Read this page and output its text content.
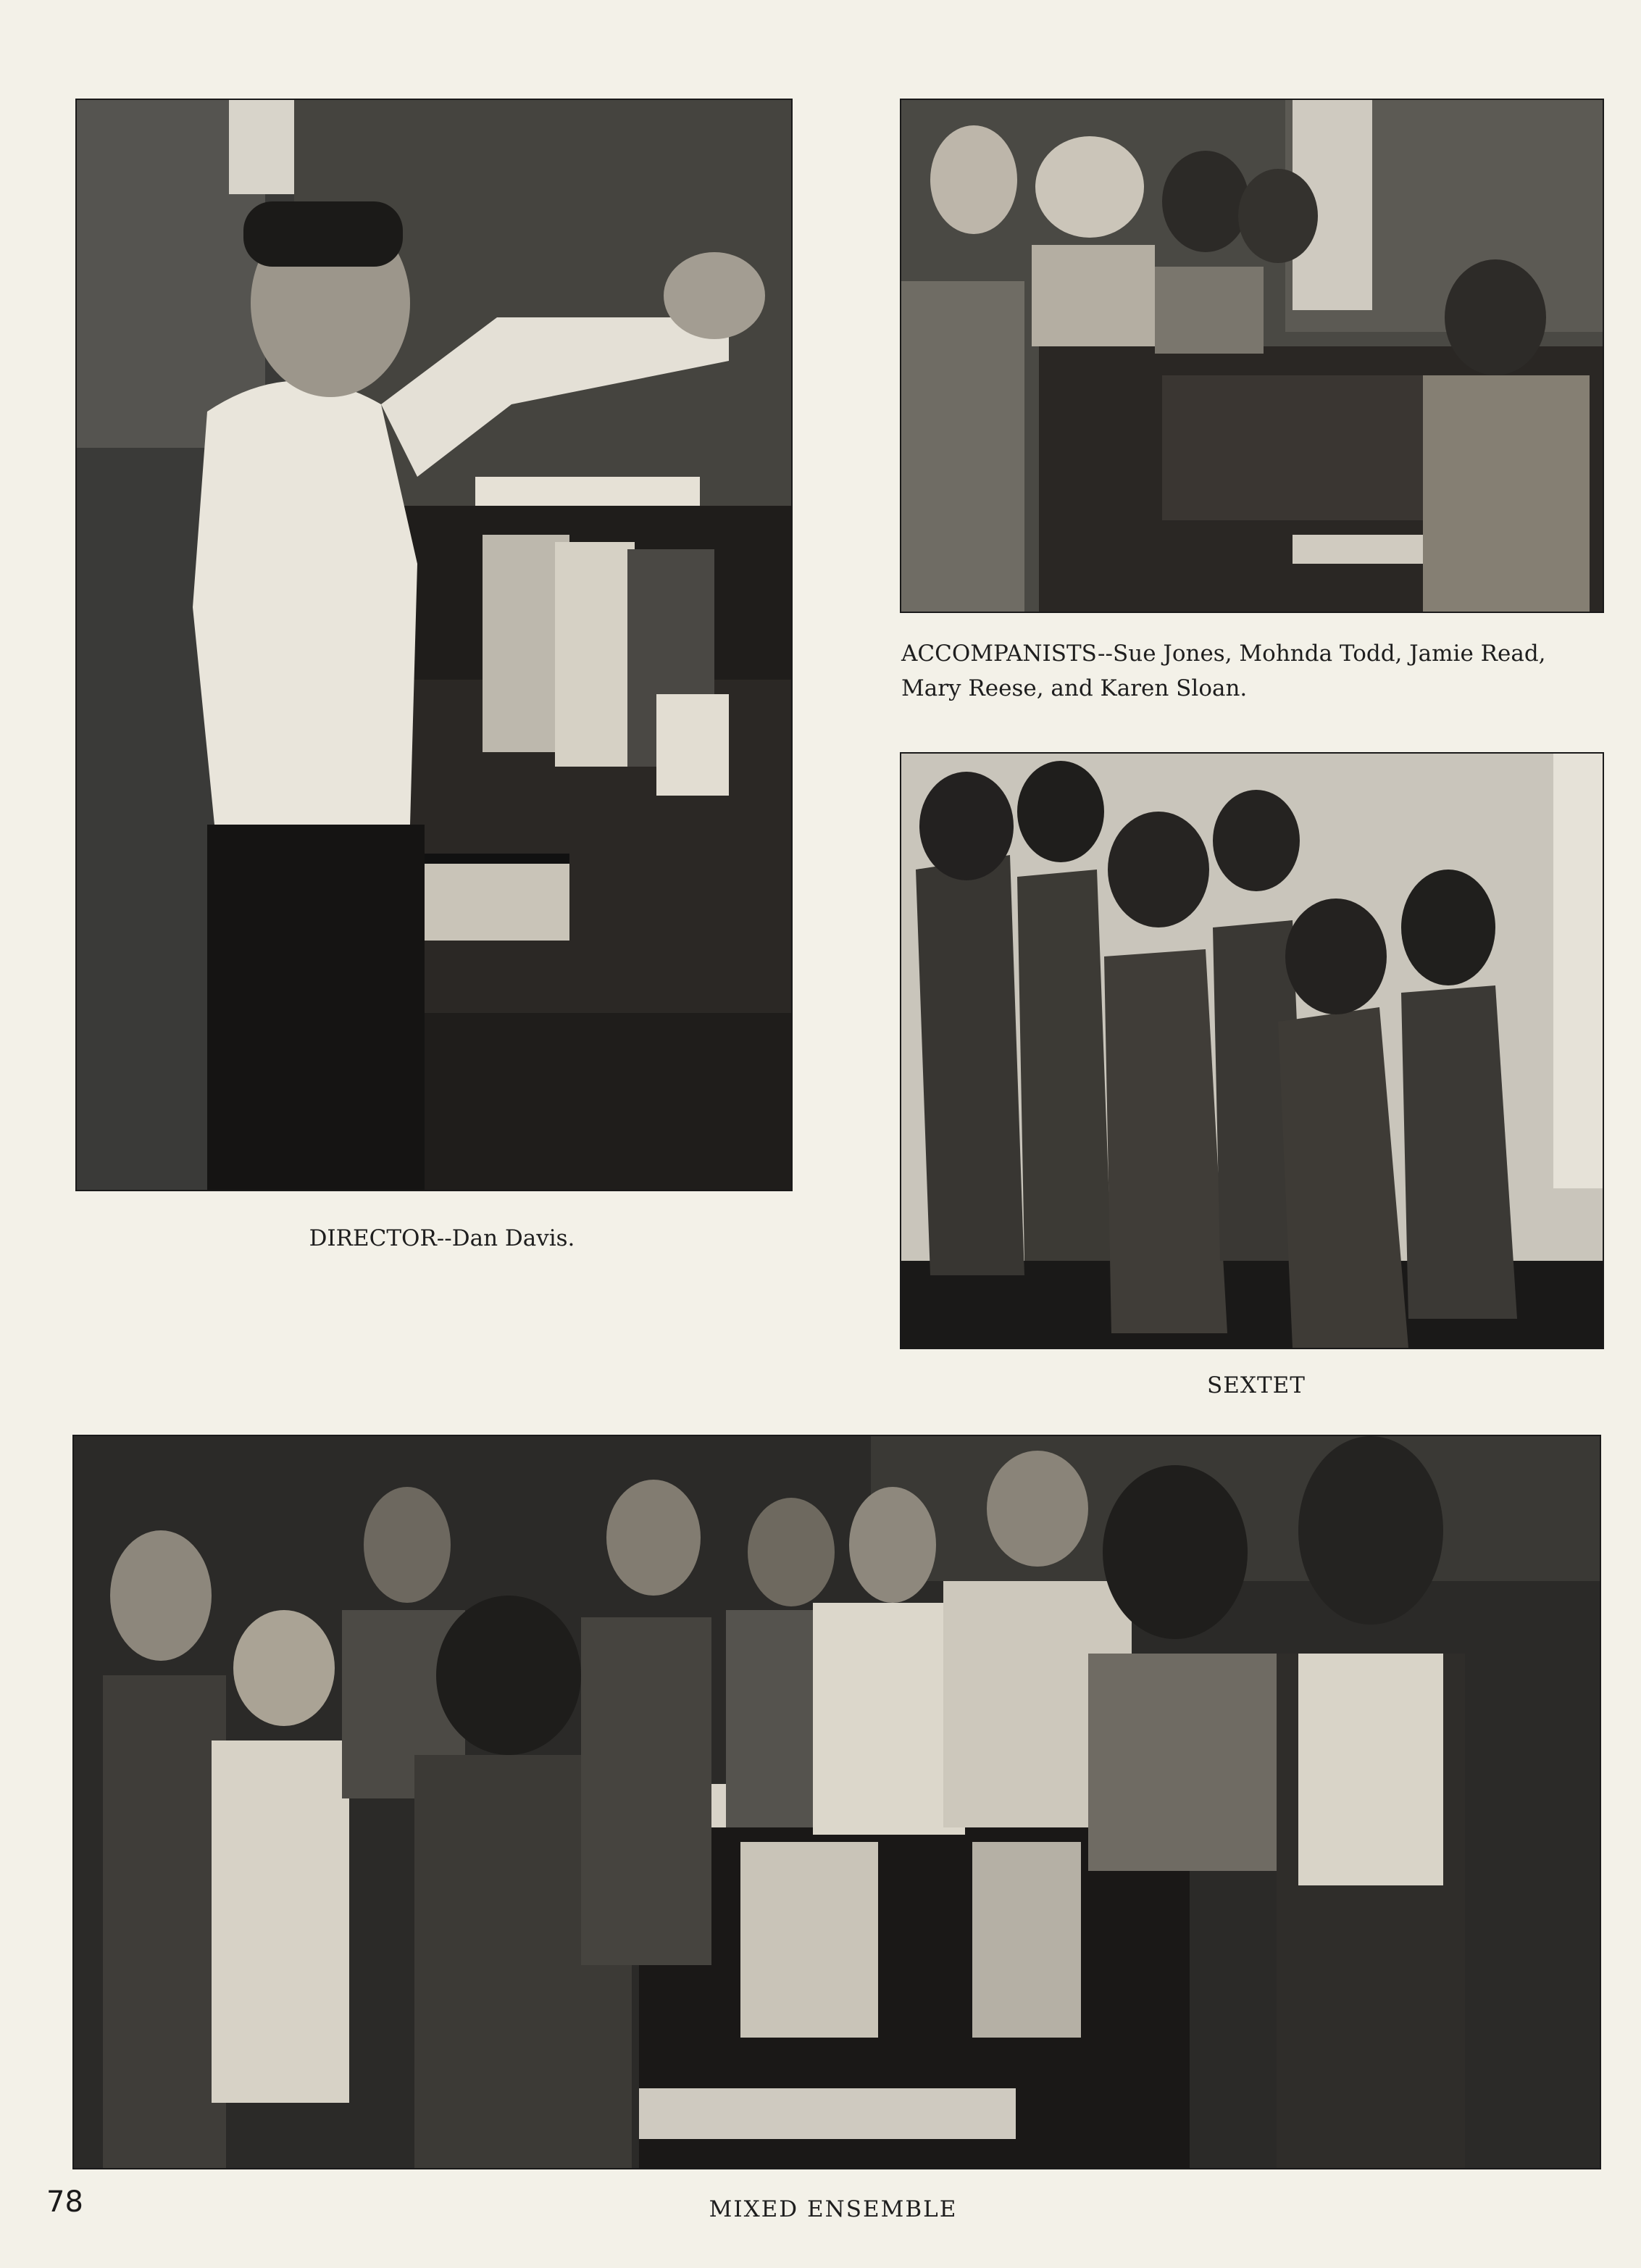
DIRECTOR--Dan Davis.

ACCOMPANISTS--Sue Jones, Mohnda Todd, Jamie Read, Mary Reese, and Karen Sloan.

SEXTET

78	MIXED ENSEMBLE
